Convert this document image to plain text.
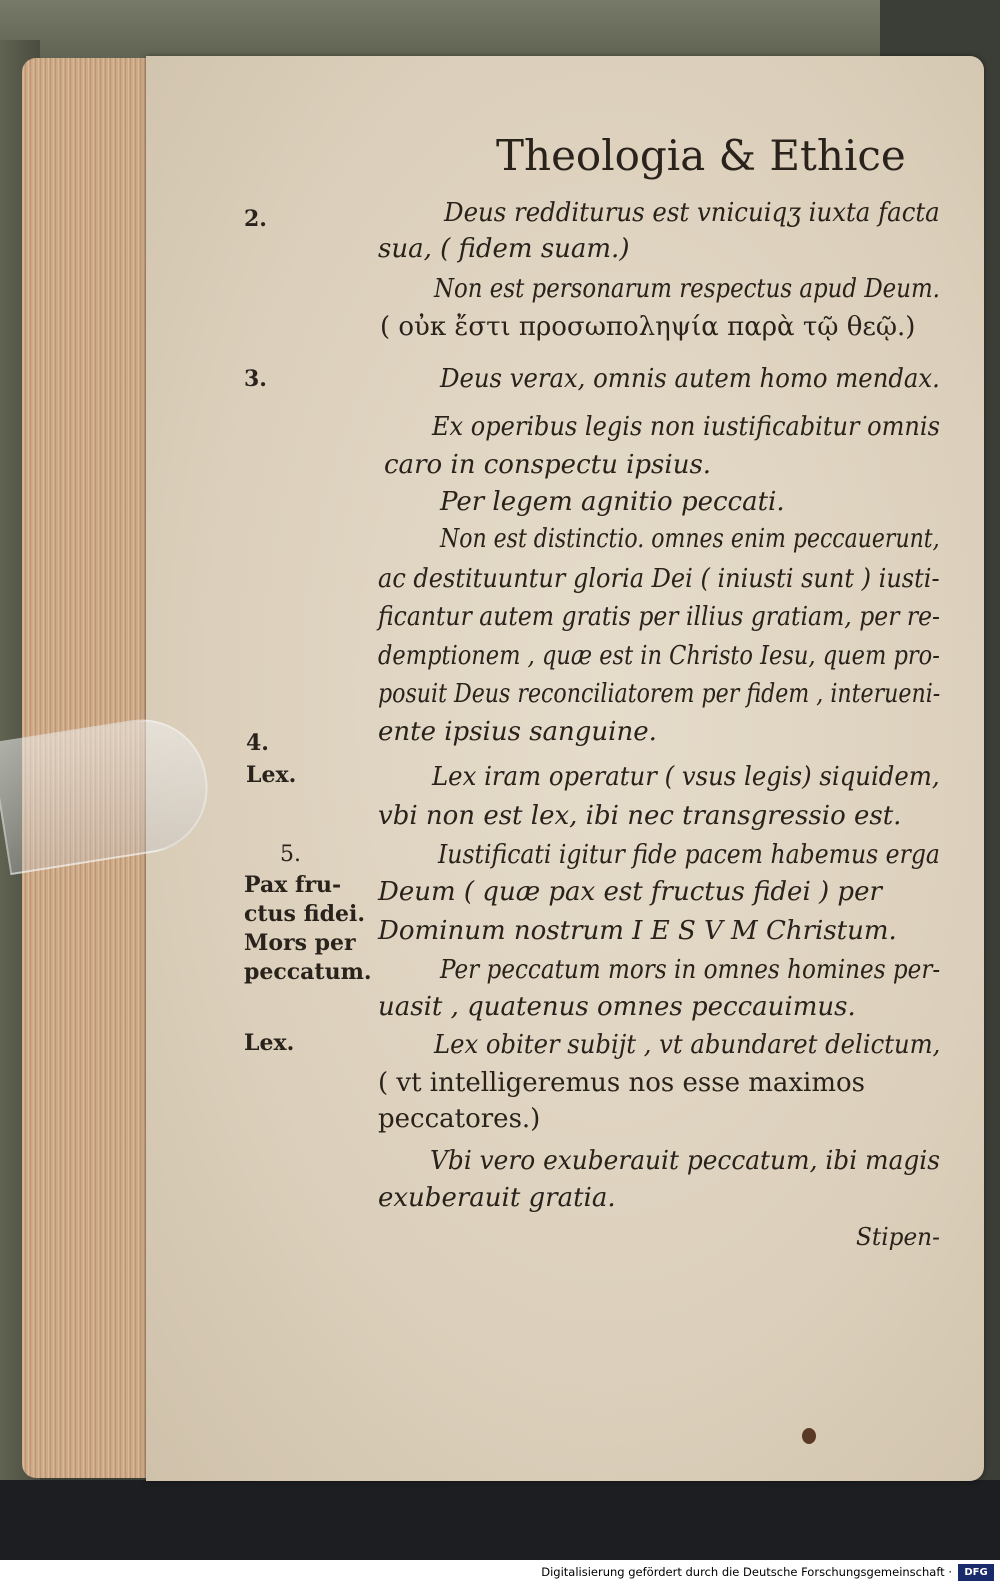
Theologia & Ethice
2.
3.
4.
Lex.
5.
Pax fru-
ctus fidei.
Mors per
peccatum.
Lex.
Deus redditurus est vnicuiqʒ iuxta facta
sua, ( fidem suam.)
Non est personarum respectus apud Deum.
( οὐκ ἔστι προσωποληψία παρὰ τῷ θεῷ.)
Deus verax, omnis autem homo mendax.
Ex operibus legis non iustificabitur omnis
caro in conspectu ipsius.
Per legem agnitio peccati.
Non est distinctio. omnes enim peccauerunt,
ac destituuntur gloria Dei ( iniusti sunt ) iusti-
ficantur autem gratis per illius gratiam, per re-
demptionem , quæ est in Christo Iesu, quem pro-
posuit Deus reconciliatorem per fidem , interueni-
ente ipsius sanguine.
Lex iram operatur ( vsus legis) siquidem,
vbi non est lex, ibi nec transgressio est.
Iustificati igitur fide pacem habemus erga
Deum ( quæ pax est fructus fidei ) per
Dominum nostrum I E S V M Christum.
Per peccatum mors in omnes homines per-
uasit , quatenus omnes peccauimus.
Lex obiter subijt , vt abundaret delictum,
( vt intelligeremus nos esse maximos
peccatores.)
Vbi vero exuberauit peccatum, ibi magis
exuberauit gratia.
Stipen-
Digitalisierung gefördert durch die Deutsche Forschungsgemeinschaft ·	DFG
